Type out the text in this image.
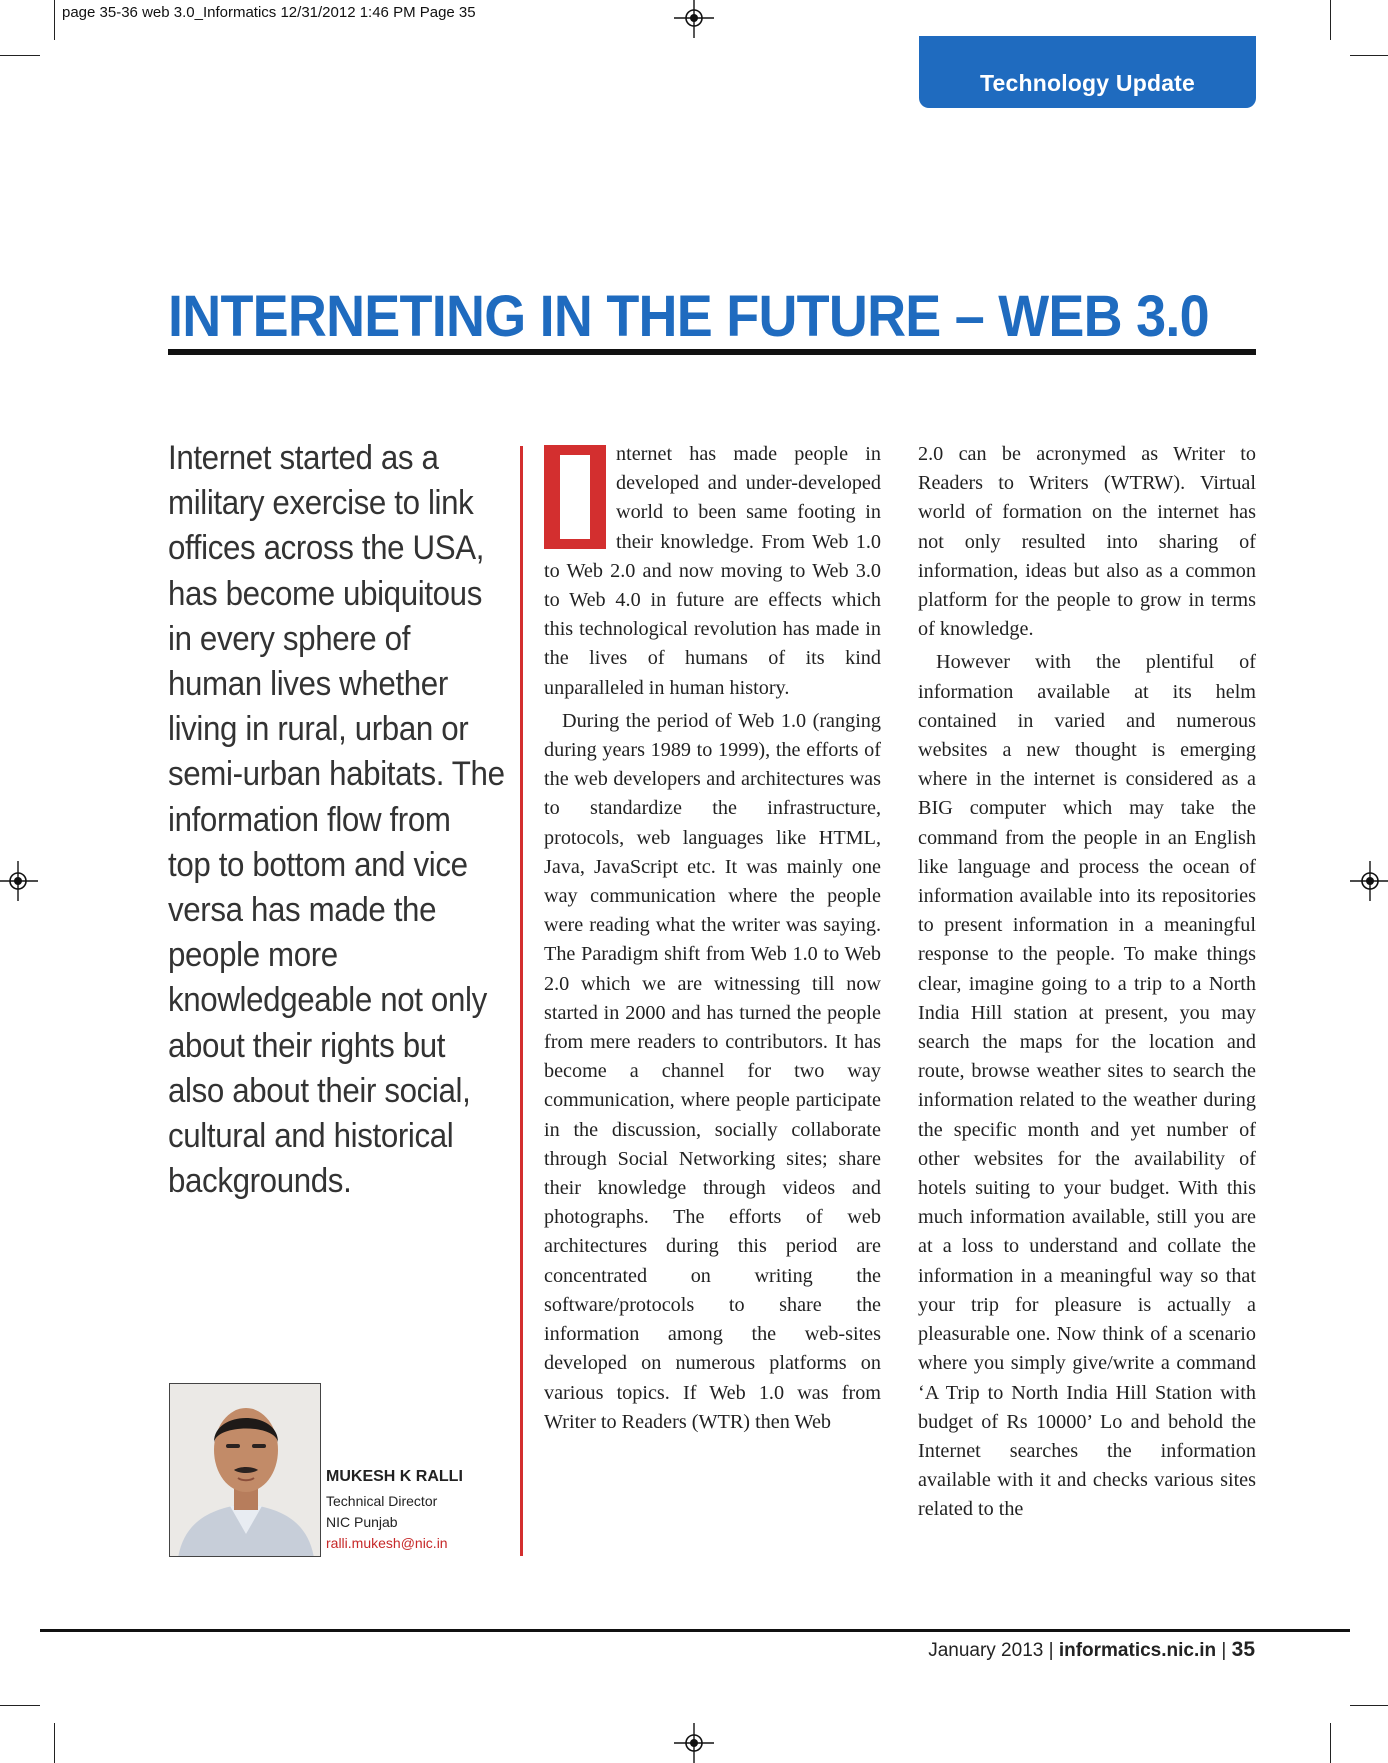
page 35-36 web 3.0_Informatics 12/31/2012 1:46 PM Page 35
Technology Update
INTERNETING IN THE FUTURE – WEB 3.0
Internet started as a
military exercise to link
offices across the USA,
has become ubiquitous
in every sphere of
human lives whether
living in rural, urban or
semi-urban habitats. The
information flow from
top to bottom and vice
versa has made the
people more
knowledgeable not only
about their rights but
also about their social,
cultural and historical
backgrounds.
MUKESH K RALLI
Technical Director
NIC Punjab
ralli.mukesh@nic.in

nternet has made people in developed and under-developed world to been same footing in their knowledge. From Web 1.0 to Web 2.0 and now moving to Web 3.0 to Web 4.0 in future are effects which this technological revolution has made in the lives of humans of its kind unparalleled in human history.

During the period of Web 1.0 (ranging during years 1989 to 1999), the efforts of the web developers and architectures was to standardize the infrastructure, protocols, web languages like HTML, Java, JavaScript etc. It was mainly one way communication where the people were reading what the writer was saying. The Paradigm shift from Web 1.0 to Web 2.0 which we are witnessing till now started in 2000 and has turned the people from mere readers to contributors. It has become a channel for two way communication, where people participate in the discussion, socially collaborate through Social Networking sites; share their knowledge through videos and photographs. The efforts of web architectures during this period are concentrated on writing the software/protocols to share the information among the web-sites developed on numerous platforms on various topics. If Web 1.0 was from Writer to Readers (WTR) then Web

2.0 can be acronymed as Writer to Readers to Writers (WTRW). Virtual world of formation on the internet has not only resulted into sharing of information, ideas but also as a common platform for the people to grow in terms of knowledge.

However with the plentiful of information available at its helm contained in varied and numerous websites a new thought is emerging where in the internet is considered as a BIG computer which may take the command from the people in an English like language and process the ocean of information available into its repositories to present information in a meaningful response to the people. To make things clear, imagine going to a trip to a North India Hill station at present, you may search the maps for the location and route, browse weather sites to search the information related to the weather during the specific month and yet number of other websites for the availability of hotels suiting to your budget. With this much information available, still you are at a loss to understand and collate the information in a meaningful way so that your trip for pleasure is actually a pleasurable one. Now think of a scenario where you simply give/write a command ‘A Trip to North India Hill Station with budget of Rs 10000’ Lo and behold the Internet searches the information available with it and checks various sites related to the

January 2013 | informatics.nic.in | 35
